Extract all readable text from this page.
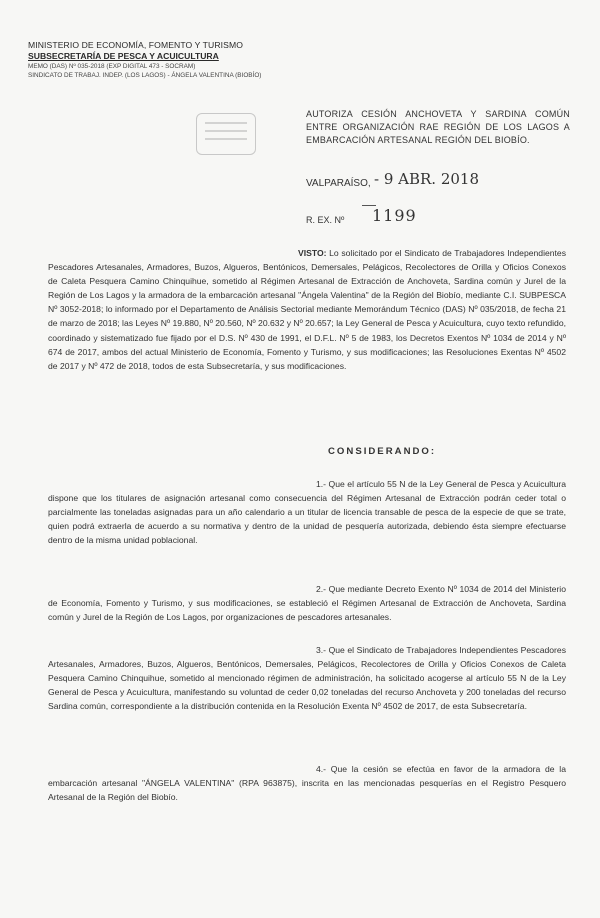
MINISTERIO DE ECONOMÍA, FOMENTO Y TURISMO
SUBSECRETARÍA DE PESCA Y ACUICULTURA
MEMO (DAS) Nº 035-2018 (EXP DIGITAL 473 - SOCRAM)
SINDICATO DE TRABAJ. INDEP. (LOS LAGOS) - ÁNGELA VALENTINA (BIOBÍO)
AUTORIZA CESIÓN ANCHOVETA Y SARDINA COMÚN ENTRE ORGANIZACIÓN RAE REGIÓN DE LOS LAGOS A EMBARCACIÓN ARTESANAL REGIÓN DEL BIOBÍO.
VALPARAÍSO, - 9 ABR. 2018
R. EX. Nº 1199
VISTO: Lo solicitado por el Sindicato de Trabajadores Independientes Pescadores Artesanales, Armadores, Buzos, Algueros, Bentónicos, Demersales, Pelágicos, Recolectores de Orilla y Oficios Conexos de Caleta Pesquera Camino Chinquihue, sometido al Régimen Artesanal de Extracción de Anchoveta, Sardina común y Jurel de la Región de Los Lagos y la armadora de la embarcación artesanal "Ángela Valentina" de la Región del Biobío, mediante C.I. SUBPESCA Nº 3052-2018; lo informado por el Departamento de Análisis Sectorial mediante Memorándum Técnico (DAS) Nº 035/2018, de fecha 21 de marzo de 2018; las Leyes Nº 19.880, Nº 20.560, Nº 20.632 y Nº 20.657; la Ley General de Pesca y Acuicultura, cuyo texto refundido, coordinado y sistematizado fue fijado por el D.S. Nº 430 de 1991, el D.F.L. Nº 5 de 1983, los Decretos Exentos Nº 1034 de 2014 y Nº 674 de 2017, ambos del actual Ministerio de Economía, Fomento y Turismo, y sus modificaciones; las Resoluciones Exentas Nº 4502 de 2017 y Nº 472 de 2018, todos de esta Subsecretaría, y sus modificaciones.
CONSIDERANDO:
1.- Que el artículo 55 N de la Ley General de Pesca y Acuicultura dispone que los titulares de asignación artesanal como consecuencia del Régimen Artesanal de Extracción podrán ceder total o parcialmente las toneladas asignadas para un año calendario a un titular de licencia transable de pesca de la especie de que se trate, quien podrá extraerla de acuerdo a su normativa y dentro de la unidad de pesquería autorizada, debiendo ésta siempre efectuarse dentro de la misma unidad poblacional.
2.- Que mediante Decreto Exento Nº 1034 de 2014 del Ministerio de Economía, Fomento y Turismo, y sus modificaciones, se estableció el Régimen Artesanal de Extracción de Anchoveta, Sardina común y Jurel de la Región de Los Lagos, por organizaciones de pescadores artesanales.
3.- Que el Sindicato de Trabajadores Independientes Pescadores Artesanales, Armadores, Buzos, Algueros, Bentónicos, Demersales, Pelágicos, Recolectores de Orilla y Oficios Conexos de Caleta Pesquera Camino Chinquihue, sometido al mencionado régimen de administración, ha solicitado acogerse al artículo 55 N de la Ley General de Pesca y Acuicultura, manifestando su voluntad de ceder 0,02 toneladas del recurso Anchoveta y 200 toneladas del recurso Sardina común, correspondiente a la distribución contenida en la Resolución Exenta Nº 4502 de 2017, de esta Subsecretaría.
4.- Que la cesión se efectúa en favor de la armadora de la embarcación artesanal "ÁNGELA VALENTINA" (RPA 963875), inscrita en las mencionadas pesquerías en el Registro Pesquero Artesanal de la Región del Biobío.
